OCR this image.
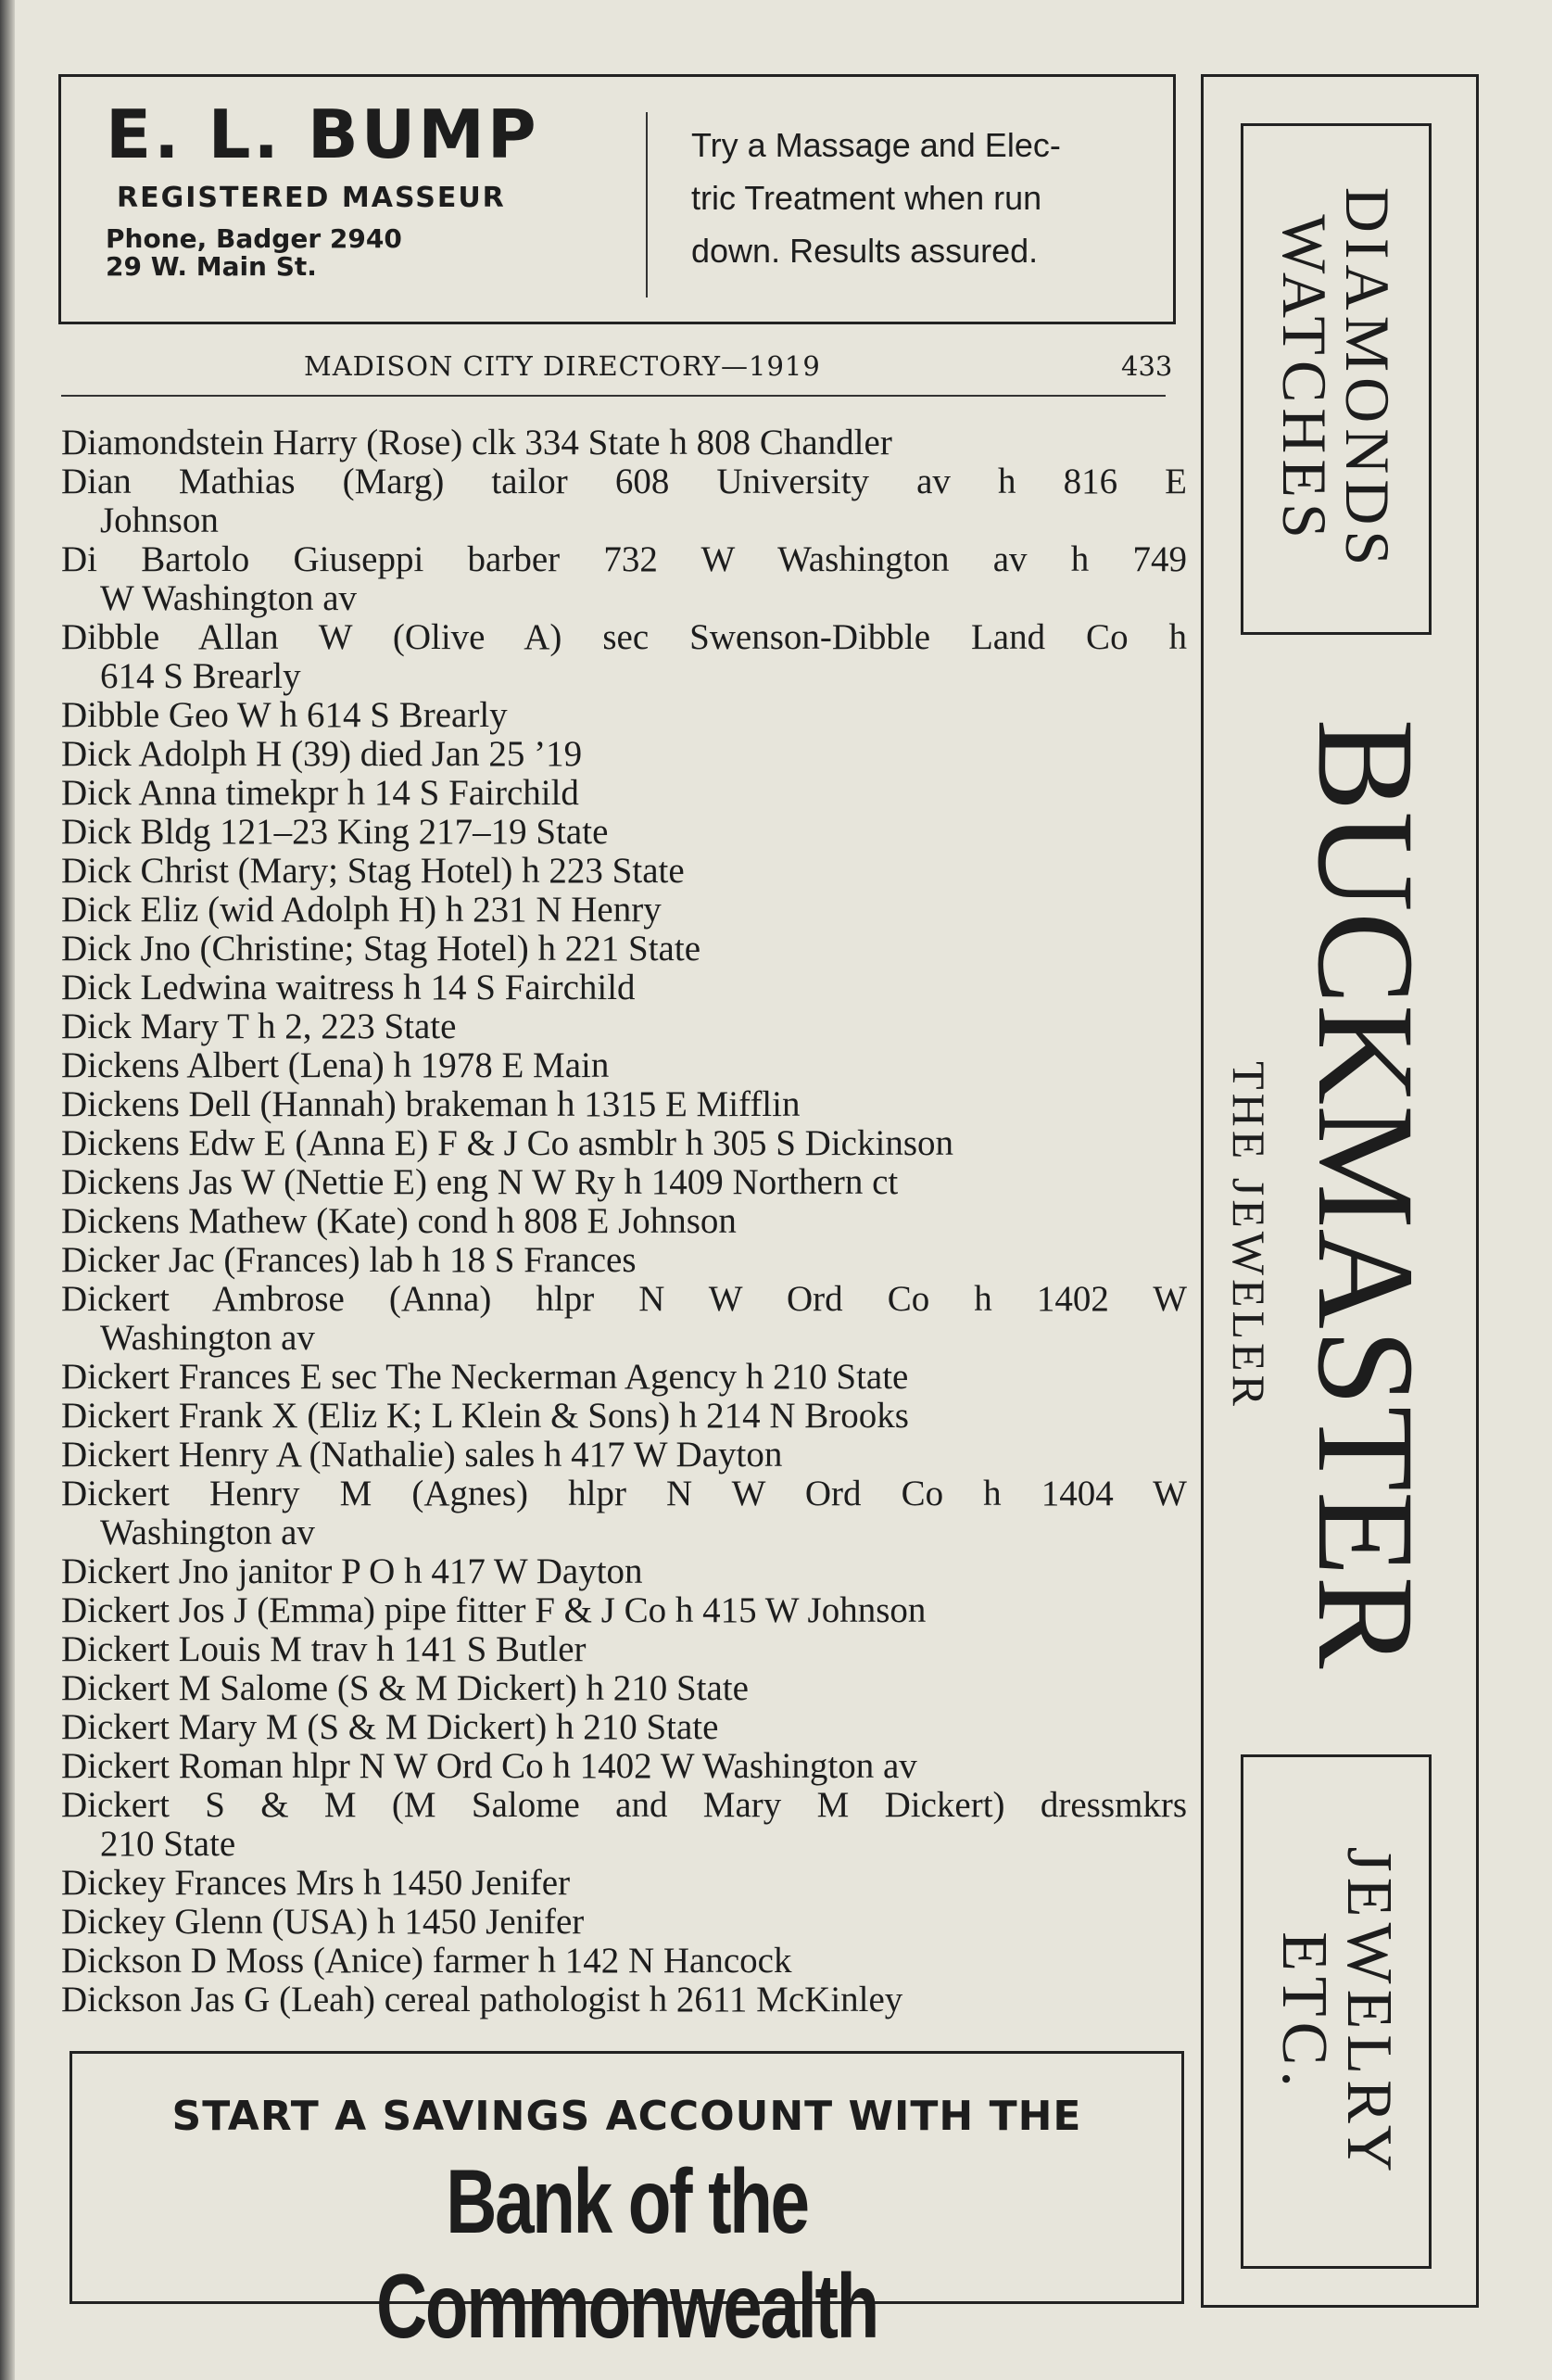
E. L. BUMP
REGISTERED MASSEUR
Phone, Badger 2940
29 W. Main St.
Try a Massage and Elec-
tric Treatment when run
down. Results assured.
MADISON CITY DIRECTORY—1919	433
Diamondstein Harry (Rose) clk 334 State h 808 Chandler
Dian Mathias (Marg) tailor 608 University av h 816 E
Johnson
Di Bartolo Giuseppi barber 732 W Washington av h 749
W Washington av
Dibble Allan W (Olive A) sec Swenson-Dibble Land Co h
614 S Brearly
Dibble Geo W h 614 S Brearly
Dick Adolph H (39) died Jan 25 ’19
Dick Anna timekpr h 14 S Fairchild
Dick Bldg 121–23 King 217–19 State
Dick Christ (Mary; Stag Hotel) h 223 State
Dick Eliz (wid Adolph H) h 231 N Henry
Dick Jno (Christine; Stag Hotel) h 221 State
Dick Ledwina waitress h 14 S Fairchild
Dick Mary T h 2, 223 State
Dickens Albert (Lena) h 1978 E Main
Dickens Dell (Hannah) brakeman h 1315 E Mifflin
Dickens Edw E (Anna E) F & J Co asmblr h 305 S Dickinson
Dickens Jas W (Nettie E) eng N W Ry h 1409 Northern ct
Dickens Mathew (Kate) cond h 808 E Johnson
Dicker Jac (Frances) lab h 18 S Frances
Dickert Ambrose (Anna) hlpr N W Ord Co h 1402 W
Washington av
Dickert Frances E sec The Neckerman Agency h 210 State
Dickert Frank X (Eliz K; L Klein & Sons) h 214 N Brooks
Dickert Henry A (Nathalie) sales h 417 W Dayton
Dickert Henry M (Agnes) hlpr N W Ord Co h 1404 W
Washington av
Dickert Jno janitor P O h 417 W Dayton
Dickert Jos J (Emma) pipe fitter F & J Co h 415 W Johnson
Dickert Louis M trav h 141 S Butler
Dickert M Salome (S & M Dickert) h 210 State
Dickert Mary M (S & M Dickert) h 210 State
Dickert Roman hlpr N W Ord Co h 1402 W Washington av
Dickert S & M (M Salome and Mary M Dickert) dressmkrs
210 State
Dickey Frances Mrs h 1450 Jenifer
Dickey Glenn (USA) h 1450 Jenifer
Dickson D Moss (Anice) farmer h 142 N Hancock
Dickson Jas G (Leah) cereal pathologist h 2611 McKinley
START A SAVINGS ACCOUNT WITH THE
Bank of the Commonwealth
DIAMONDS
WATCHES
BUCKMASTER
THE JEWELER
JEWELRY
ETC.
